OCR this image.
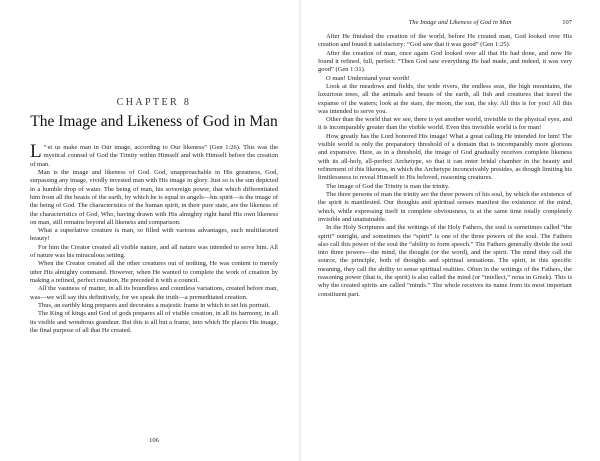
CHAPTER 8
The Image and Likeness of God in Man

“
L et us make man in Our image, according to Our likeness” (Gen 1:26). This was the mystical counsel of God the Trinity within Himself and with Himself before the creation of man.

Man is the image and likeness of God. God, unapproachable in His greatness, God, surpassing any image, vividly invested man with His image in glory. Just so is the sun depicted in a humble drop of water. The being of man, his sovereign power, that which differentiated him from all the beasts of the earth, by which he is equal to angels—his spirit—is the image of the being of God. The characteristics of the human spirit, in their pure state, are the likeness of the characteristics of God, Who, having drawn with His almighty right hand His own likeness on man, still remains beyond all likeness and comparison.

What a superlative creature is man, so filled with various advantages, such multifaceted beauty!

For him the Creator created all visible nature, and all nature was intended to serve him. All of nature was his miraculous setting.

When the Creator created all the other creatures out of nothing, He was content to merely utter His almighty command. However, when He wanted to complete the work of creation by making a refined, perfect creation, He preceded it with a council.

All the vastness of matter, in all its boundless and countless variations, created before man, was—we will say this definitively, for we speak the truth—a premeditated creation.

Thus, an earthly king prepares and decorates a majestic frame in which to set his portrait.

The King of kings and God of gods prepares all of visible creation, in all its harmony, in all its visible and wondrous grandeur. But this is all but a frame, into which He places His image, the final purpose of all that He created.

106
The Image and Likeness of God in Man	107

After He finished the creation of the world, before He created man, God looked over His creation and found it satisfactory: “God saw that it was good” (Gen 1:25).

After the creation of man, once again God looked over all that He had done, and now He found it refined, full, perfect: “Then God saw everything He had made, and indeed, it was very good” (Gen 1:31).

O man! Understand your worth!

Look at the meadows and fields, the wide rivers, the endless seas, the high mountains, the luxurious trees, all the animals and beasts of the earth, all fish and creatures that travel the expanse of the waters; look at the stars, the moon, the sun, the sky. All this is for you! All this was intended to serve you.

Other than the world that we see, there is yet another world, invisible to the physical eyes, and it is incomparably greater than the visible world. Even this invisible world is for man!

How greatly has the Lord honored His image! What a great calling He intended for him! The visible world is only the preparatory threshold of a domain that is incomparably more glorious and expansive. Here, as in a threshold, the image of God gradually receives complete likeness with its all-holy, all-perfect Archetype, so that it can enter bridal chamber in the beauty and refinement of this likeness, in which the Archetype inconceivably presides, as though limiting his limitlessness to reveal Himself to His beloved, reasoning creatures.

The image of God the Trinity is man the trinity.

The three persons of man the trinity are the three powers of his soul, by which the existence of the spirit is manifested. Our thoughts and spiritual senses manifest the existence of the mind, which, while expressing itself in complete obviousness, is at the same time totally completely invisible and unattainable.

In the Holy Scriptures and the writings of the Holy Fathers, the soul is sometimes called “the spirit” outright, and sometimes the “spirit” is one of the three powers of the soul. The Fathers also call this power of the soul the “ability to form speech.” The Fathers generally divide the soul into three powers—the mind, the thought (or the word), and the spirit. The mind they call the source, the principle, both of thoughts and spiritual sensations. The spirit, in this specific meaning, they call the ability to sense spiritual realities. Often in the writings of the Fathers, the reasoning power (that is, the spirit) is also called the mind (or “intellect,” nous in Greek). This is why the created spirits are called “minds.” The whole receives its name from its most important constituent part.
